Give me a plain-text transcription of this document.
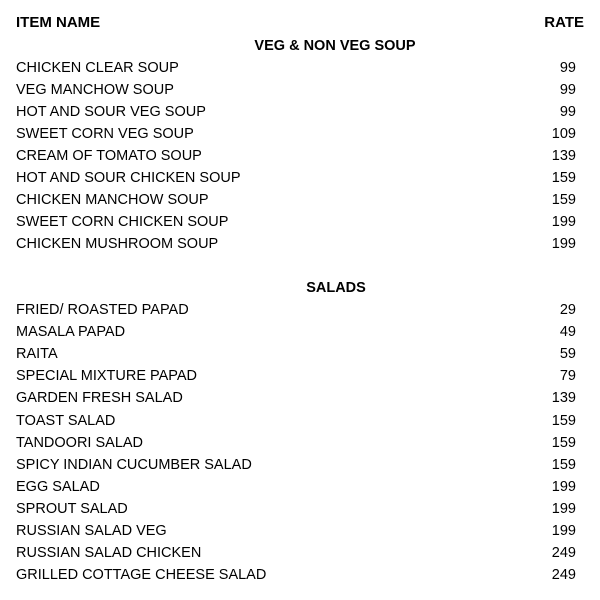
ITEM NAME	RATE
VEG & NON VEG SOUP
CHICKEN CLEAR SOUP	99
VEG MANCHOW SOUP	99
HOT AND SOUR VEG SOUP	99
SWEET CORN VEG SOUP	109
CREAM OF TOMATO SOUP	139
HOT AND SOUR CHICKEN SOUP	159
CHICKEN MANCHOW SOUP	159
SWEET CORN CHICKEN SOUP	199
CHICKEN MUSHROOM SOUP	199
SALADS
FRIED/ ROASTED PAPAD	29
MASALA PAPAD	49
RAITA	59
SPECIAL MIXTURE PAPAD	79
GARDEN FRESH SALAD	139
TOAST SALAD	159
TANDOORI SALAD	159
SPICY INDIAN CUCUMBER SALAD	159
EGG SALAD	199
SPROUT SALAD	199
RUSSIAN SALAD VEG	199
RUSSIAN SALAD CHICKEN	249
GRILLED COTTAGE CHEESE SALAD	249
